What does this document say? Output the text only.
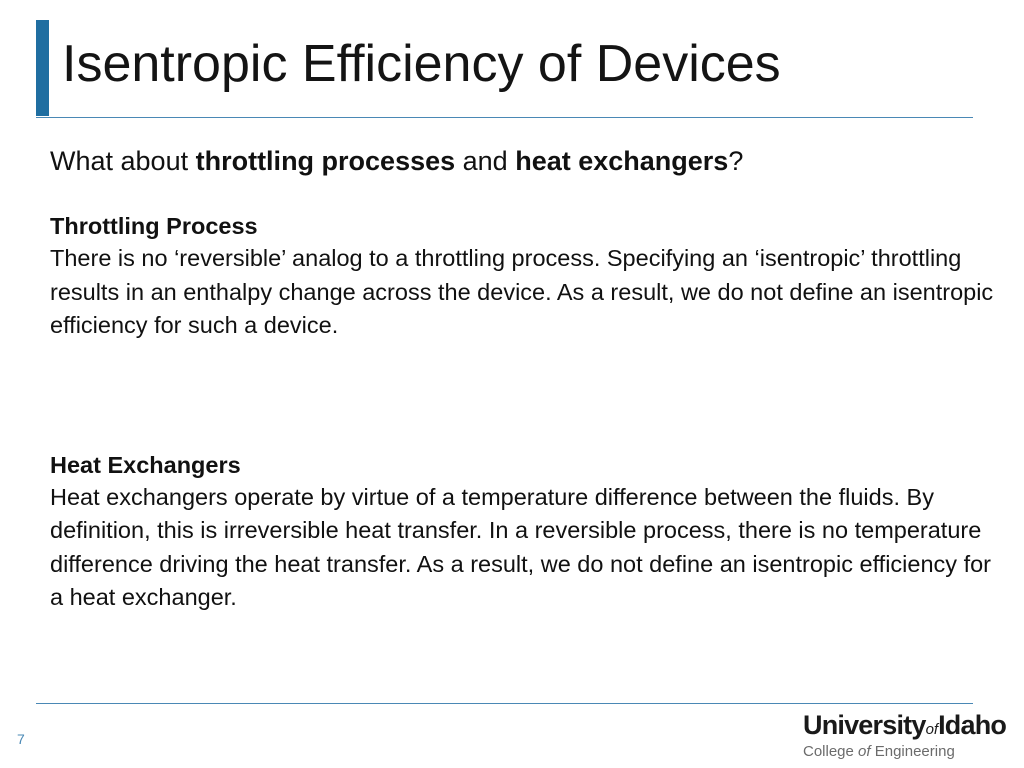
Isentropic Efficiency of Devices

What about throttling processes and heat exchangers?

Throttling Process

There is no ‘reversible’ analog to a throttling process. Specifying an ‘isentropic’ throttling results in an enthalpy change across the device. As a result, we do not define an isentropic efficiency for such a device.

Heat Exchangers

Heat exchangers operate by virtue of a temperature difference between the fluids. By definition, this is irreversible heat transfer. In a reversible process, there is no temperature difference driving the heat transfer. As a result, we do not define an isentropic efficiency for a heat exchanger.

7	UniversityofIdaho
College of Engineering
